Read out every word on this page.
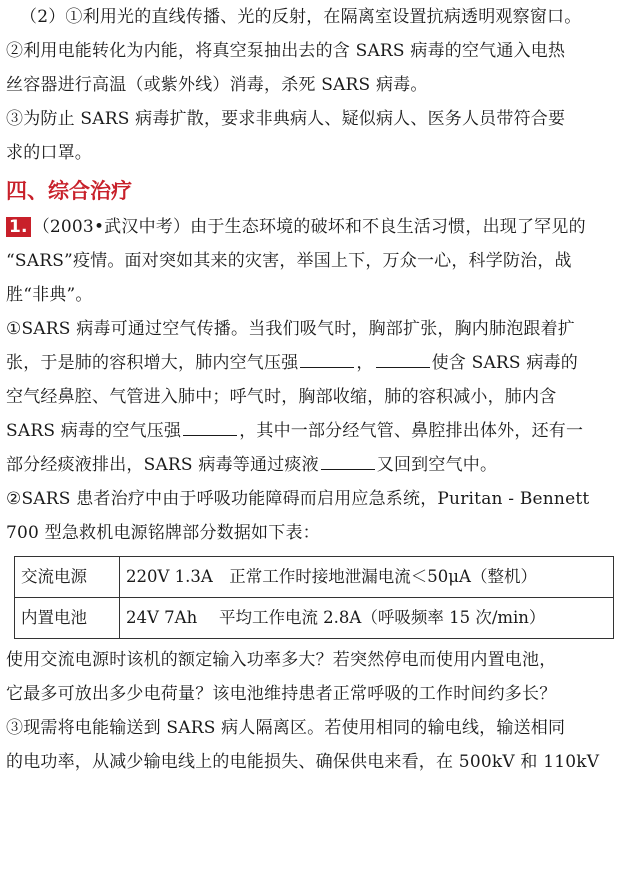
（2）①利用光的直线传播、光的反射，在隔离室设置抗病透明观察窗口。

②利用电能转化为内能，将真空泵抽出去的含 SARS 病毒的空气通入电热

丝容器进行高温（或紫外线）消毒，杀死 SARS 病毒。

③为防止 SARS 病毒扩散，要求非典病人、疑似病人、医务人员带符合要

求的口罩。

四、综合治疗

1. （2003•武汉中考）由于生态环境的破坏和不良生活习惯，出现了罕见的

“SARS”疫情。面对突如其来的灾害，举国上下，万众一心，科学防治，战

胜“非典”。

①SARS 病毒可通过空气传播。当我们吸气时，胸部扩张，胸内肺泡跟着扩

张，于是肺的容积增大，肺内空气压强	，	使含 SARS 病毒的

空气经鼻腔、气管进入肺中；呼气时，胸部收缩，肺的容积减小，肺内含

SARS 病毒的空气压强	，其中一部分经气管、鼻腔排出体外，还有一

部分经痰液排出，SARS 病毒等通过痰液	又回到空气中。

②SARS 患者治疗中由于呼吸功能障碍而启用应急系统，Puritan - Bennett

700 型急救机电源铭牌部分数据如下表：

交流电源	220V 1.3A　正常工作时接地泄漏电流＜50μA（整机）
内置电池	24V 7Ah　 平均工作电流 2.8A（呼吸频率 15 次/min）

使用交流电源时该机的额定输入功率多大？若突然停电而使用内置电池，

它最多可放出多少电荷量？该电池维持患者正常呼吸的工作时间约多长？

③现需将电能输送到 SARS 病人隔离区。若使用相同的输电线，输送相同

的电功率，从减少输电线上的电能损失、确保供电来看，在 500kV 和 110kV
